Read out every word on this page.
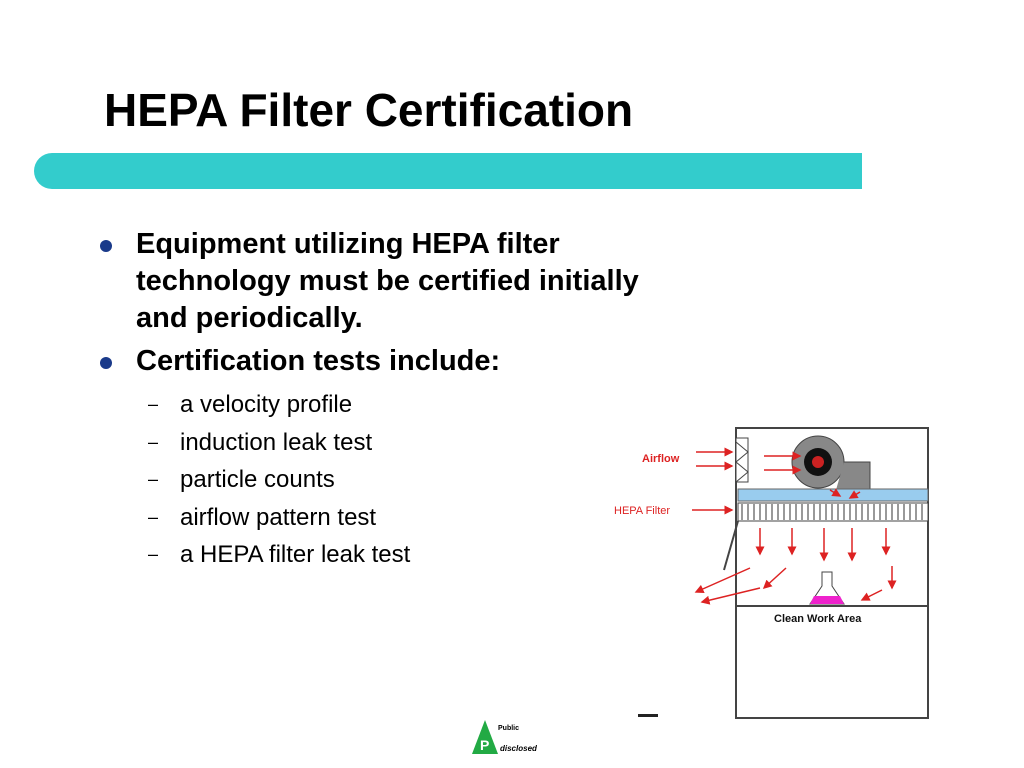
HEPA Filter Certification
Equipment utilizing HEPA filter technology must be certified initially and periodically.
Certification tests include:
– a velocity profile
– induction leak test
– particle counts
– airflow pattern test
– a HEPA filter leak test
Airflow
HEPA Filter
Clean Work Area
P
Public
disclosed
